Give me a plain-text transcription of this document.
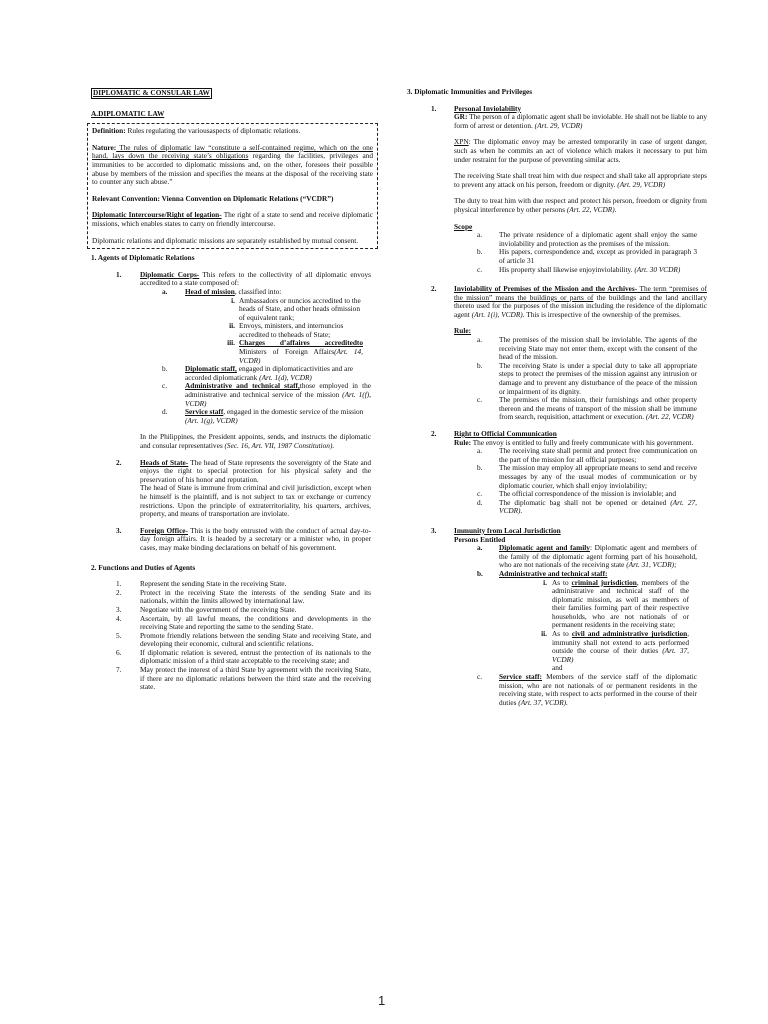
DIPLOMATIC & CONSULAR LAW

A.DIPLOMATIC LAW

Definition: Rules regulating the variousaspects of diplomatic relations.

Nature: The rules of diplomatic law “constitute a self-contained regime, which on the one hand, lays down the receiving state’s obligations regarding the facilities, privileges and immunities to be accorded to diplomatic missions and, on the other, foresees their possible abuse by members of the mission and specifies the means at the disposal of the receiving state to counter any such abuse.”

Relevant Convention: Vienna Convention on Diplomatic Relations (“VCDR”)

Diplomatic Intercourse/Right of legation- The right of a state to send and receive diplomatic missions, which enables states to carry on friendly intercourse.

Diplomatic relations and diplomatic missions are separately established by mutual consent.

1. Agents of Diplomatic Relations

1.	Diplomatic Corps- This refers to the collectivity of all diplomatic envoys accredited to a state composed of:

a.	Head of mission, classified into:

i. Ambassadors or nuncios accredited to the heads of State, and other heads ofmission of equivalent rank;

ii. Envoys, ministers, and internuncios accredited to theheads of State;

iii. Charges d’affaires accreditedto Ministers of Foreign Affairs(Art. 14, VCDR)

b.	Diplomatic staff, engaged in diplomaticactivities and are accorded diplomaticrank (Art. 1(d), VCDR)

c.	Administrative and technical staff,those employed in the administrative and technical service of the mission (Art. 1(f), VCDR)

d.	Service staff, engaged in the domestic service of the mission (Art. 1(g), VCDR)

In the Philippines, the President appoints, sends, and instructs the diplomatic and consular representatives (Sec. 16, Art. VII, 1987 Constitution).

2.	Heads of State- The head of State represents the sovereignty of the State and enjoys the right to special protection for his physical safety and the preservation of his honor and reputation.

The head of State is immune from criminal and civil jurisdiction, except when he himself is the plaintiff, and is not subject to tax or exchange or currency restrictions. Upon the principle of extraterritoriality, his quarters, archives, property, and means of transportation are inviolate.

3.	Foreign Office- This is the body entrusted with the conduct of actual day-to-day foreign affairs. It is headed by a secretary or a minister who, in proper cases, may make binding declarations on behalf of his government.

2. Functions and Duties of Agents

1.	Represent the sending State in the receiving State.

2.	Protect in the receiving State the interests of the sending State and its nationals, within the limits allowed by international law.

3.	Negotiate with the government of the receiving State.

4.	Ascertain, by all lawful means, the conditions and developments in the receiving State and reporting the same to the sending State.

5.	Promote friendly relations between the sending State and receiving State, and developing their economic, cultural and scientific relations.

6.	If diplomatic relation is severed, entrust the protection of its nationals to the diplomatic mission of a third state acceptable to the receiving state; and

7.	May protect the interest of a third State by agreement with the receiving State, if there are no diplomatic relations between the third state and the receiving state.

3. Diplomatic Immunities and Privileges

1.	Personal Inviolability

GR: The person of a diplomatic agent shall be inviolable. He shall not be liable to any form of arrest or detention. (Art. 29, VCDR)

XPN: The diplomatic envoy may be arrested temporarily in case of urgent danger, such as when he commits an act of violence which makes it necessary to put him under restraint for the purpose of preventing similar acts.

The receiving State shall treat him with due respect and shall take all appropriate steps to prevent any attack on his person, freedom or dignity. (Art. 29, VCDR)

The duty to treat him with due respect and protect his person, freedom or dignity from physical interference by other persons (Art. 22, VCDR).

Scope

a.	The private residence of a diplomatic agent shall enjoy the same inviolability and protection as the premises of the mission.

b.	His papers, correspondence and, except as provided in paragraph 3 of article 31

c.	His property shall likewise enjoyinviolability. (Art. 30 VCDR)

2.	Inviolability of Premises of the Mission and the Archives- The term “premises of the mission” means the buildings or parts of the buildings and the land ancillary thereto used for the purposes of the mission including the residence of the diplomatic agent (Art. 1(i), VCDR). This is irrespective of the ownership of the premises.

Rule:

a.	The premises of the mission shall be inviolable. The agents of the receiving State may not enter them, except with the consent of the head of the mission.

b.	The receiving State is under a special duty to take all appropriate steps to protect the premises of the mission against any intrusion or damage and to prevent any disturbance of the peace of the mission or impairment of its dignity.

c.	The premises of the mission, their furnishings and other property thereon and the means of transport of the mission shall be immune from search, requisition, attachment or execution. (Art. 22, VCDR)

2.	Right to Official Communication

Rule: The envoy is entitled to fully and freely communicate with his government.

a.	The receiving state shall permit and protect free communication on the part of the mission for all official purposes;

b.	The mission may employ all appropriate means to send and receive messages by any of the usual modes of communication or by diplomatic courier, which shall enjoy inviolability;

c.	The official correspondence of the mission is inviolable; and

d.	The diplomatic bag shall not be opened or detained (Art. 27, VCDR).

3.	Immunity from Local Jurisdiction

Persons Entitled

a.	Diplomatic agent and family: Diplomatic agent and members of the family of the diplomatic agent forming part of his household, who are not nationals of the receiving state (Art. 31, VCDR);

b.	Administrative and technical staff:

i. As to criminal jurisdiction, members of the administrative and technical staff of the diplomatic mission, as well as members of their families forming part of their respective households, who are not nationals of or permanent residents in the receiving state;

ii. As to civil and administrative jurisdiction, immunity shall not extend to acts performed outside the course of their duties (Art. 37, VCDR)

and

c.	Service staff: Members of the service staff of the diplomatic mission, who are not nationals of or permanent residents in the receiving state, with respect to acts performed in the course of their duties (Art. 37, VCDR).

1
